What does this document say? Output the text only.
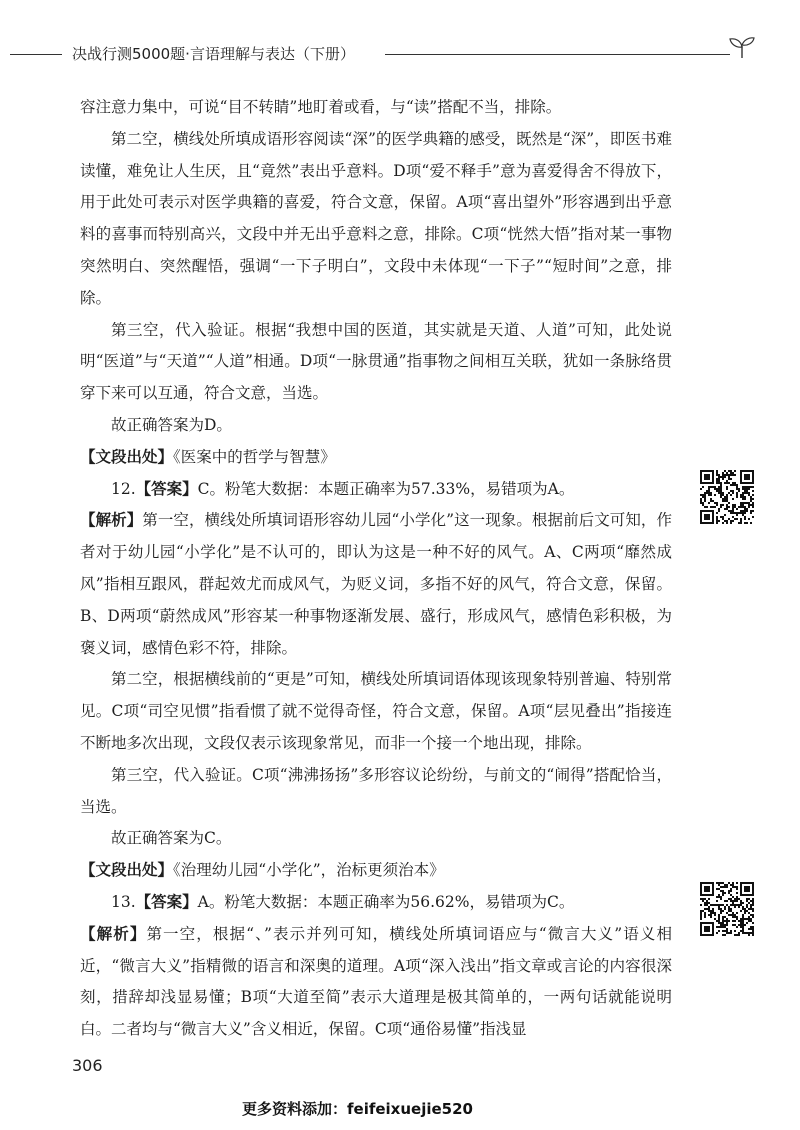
决战行测5000题·言语理解与表达（下册）

容注意力集中，可说“目不转睛”地盯着或看，与“读”搭配不当，排除。

第二空，横线处所填成语形容阅读“深”的医学典籍的感受，既然是“深”，即医书难读懂，难免让人生厌，且“竟然”表出乎意料。D项“爱不释手”意为喜爱得舍不得放下，用于此处可表示对医学典籍的喜爱，符合文意，保留。A项“喜出望外”形容遇到出乎意料的喜事而特别高兴，文段中并无出乎意料之意，排除。C项“恍然大悟”指对某一事物突然明白、突然醒悟，强调“一下子明白”，文段中未体现“一下子”“短时间”之意，排除。

第三空，代入验证。根据“我想中国的医道，其实就是天道、人道”可知，此处说明“医道”与“天道”“人道”相通。D项“一脉贯通”指事物之间相互关联，犹如一条脉络贯穿下来可以互通，符合文意，当选。

故正确答案为D。

【文段出处】《医案中的哲学与智慧》

12.【答案】C。粉笔大数据：本题正确率为57.33%，易错项为A。

【解析】第一空，横线处所填词语形容幼儿园“小学化”这一现象。根据前后文可知，作者对于幼儿园“小学化”是不认可的，即认为这是一种不好的风气。A、C两项“靡然成风”指相互跟风，群起效尤而成风气，为贬义词，多指不好的风气，符合文意，保留。B、D两项“蔚然成风”形容某一种事物逐渐发展、盛行，形成风气，感情色彩积极，为褒义词，感情色彩不符，排除。

第二空，根据横线前的“更是”可知，横线处所填词语体现该现象特别普遍、特别常见。C项“司空见惯”指看惯了就不觉得奇怪，符合文意，保留。A项“层见叠出”指接连不断地多次出现，文段仅表示该现象常见，而非一个接一个地出现，排除。

第三空，代入验证。C项“沸沸扬扬”多形容议论纷纷，与前文的“闹得”搭配恰当，当选。

故正确答案为C。

【文段出处】《治理幼儿园“小学化”，治标更须治本》

13.【答案】A。粉笔大数据：本题正确率为56.62%，易错项为C。

【解析】第一空，根据“、”表示并列可知，横线处所填词语应与“微言大义”语义相近，“微言大义”指精微的语言和深奥的道理。A项“深入浅出”指文章或言论的内容很深刻，措辞却浅显易懂；B项“大道至简”表示大道理是极其简单的，一两句话就能说明白。二者均与“微言大义”含义相近，保留。C项“通俗易懂”指浅显

306
更多资料添加：feifeixuejie520
